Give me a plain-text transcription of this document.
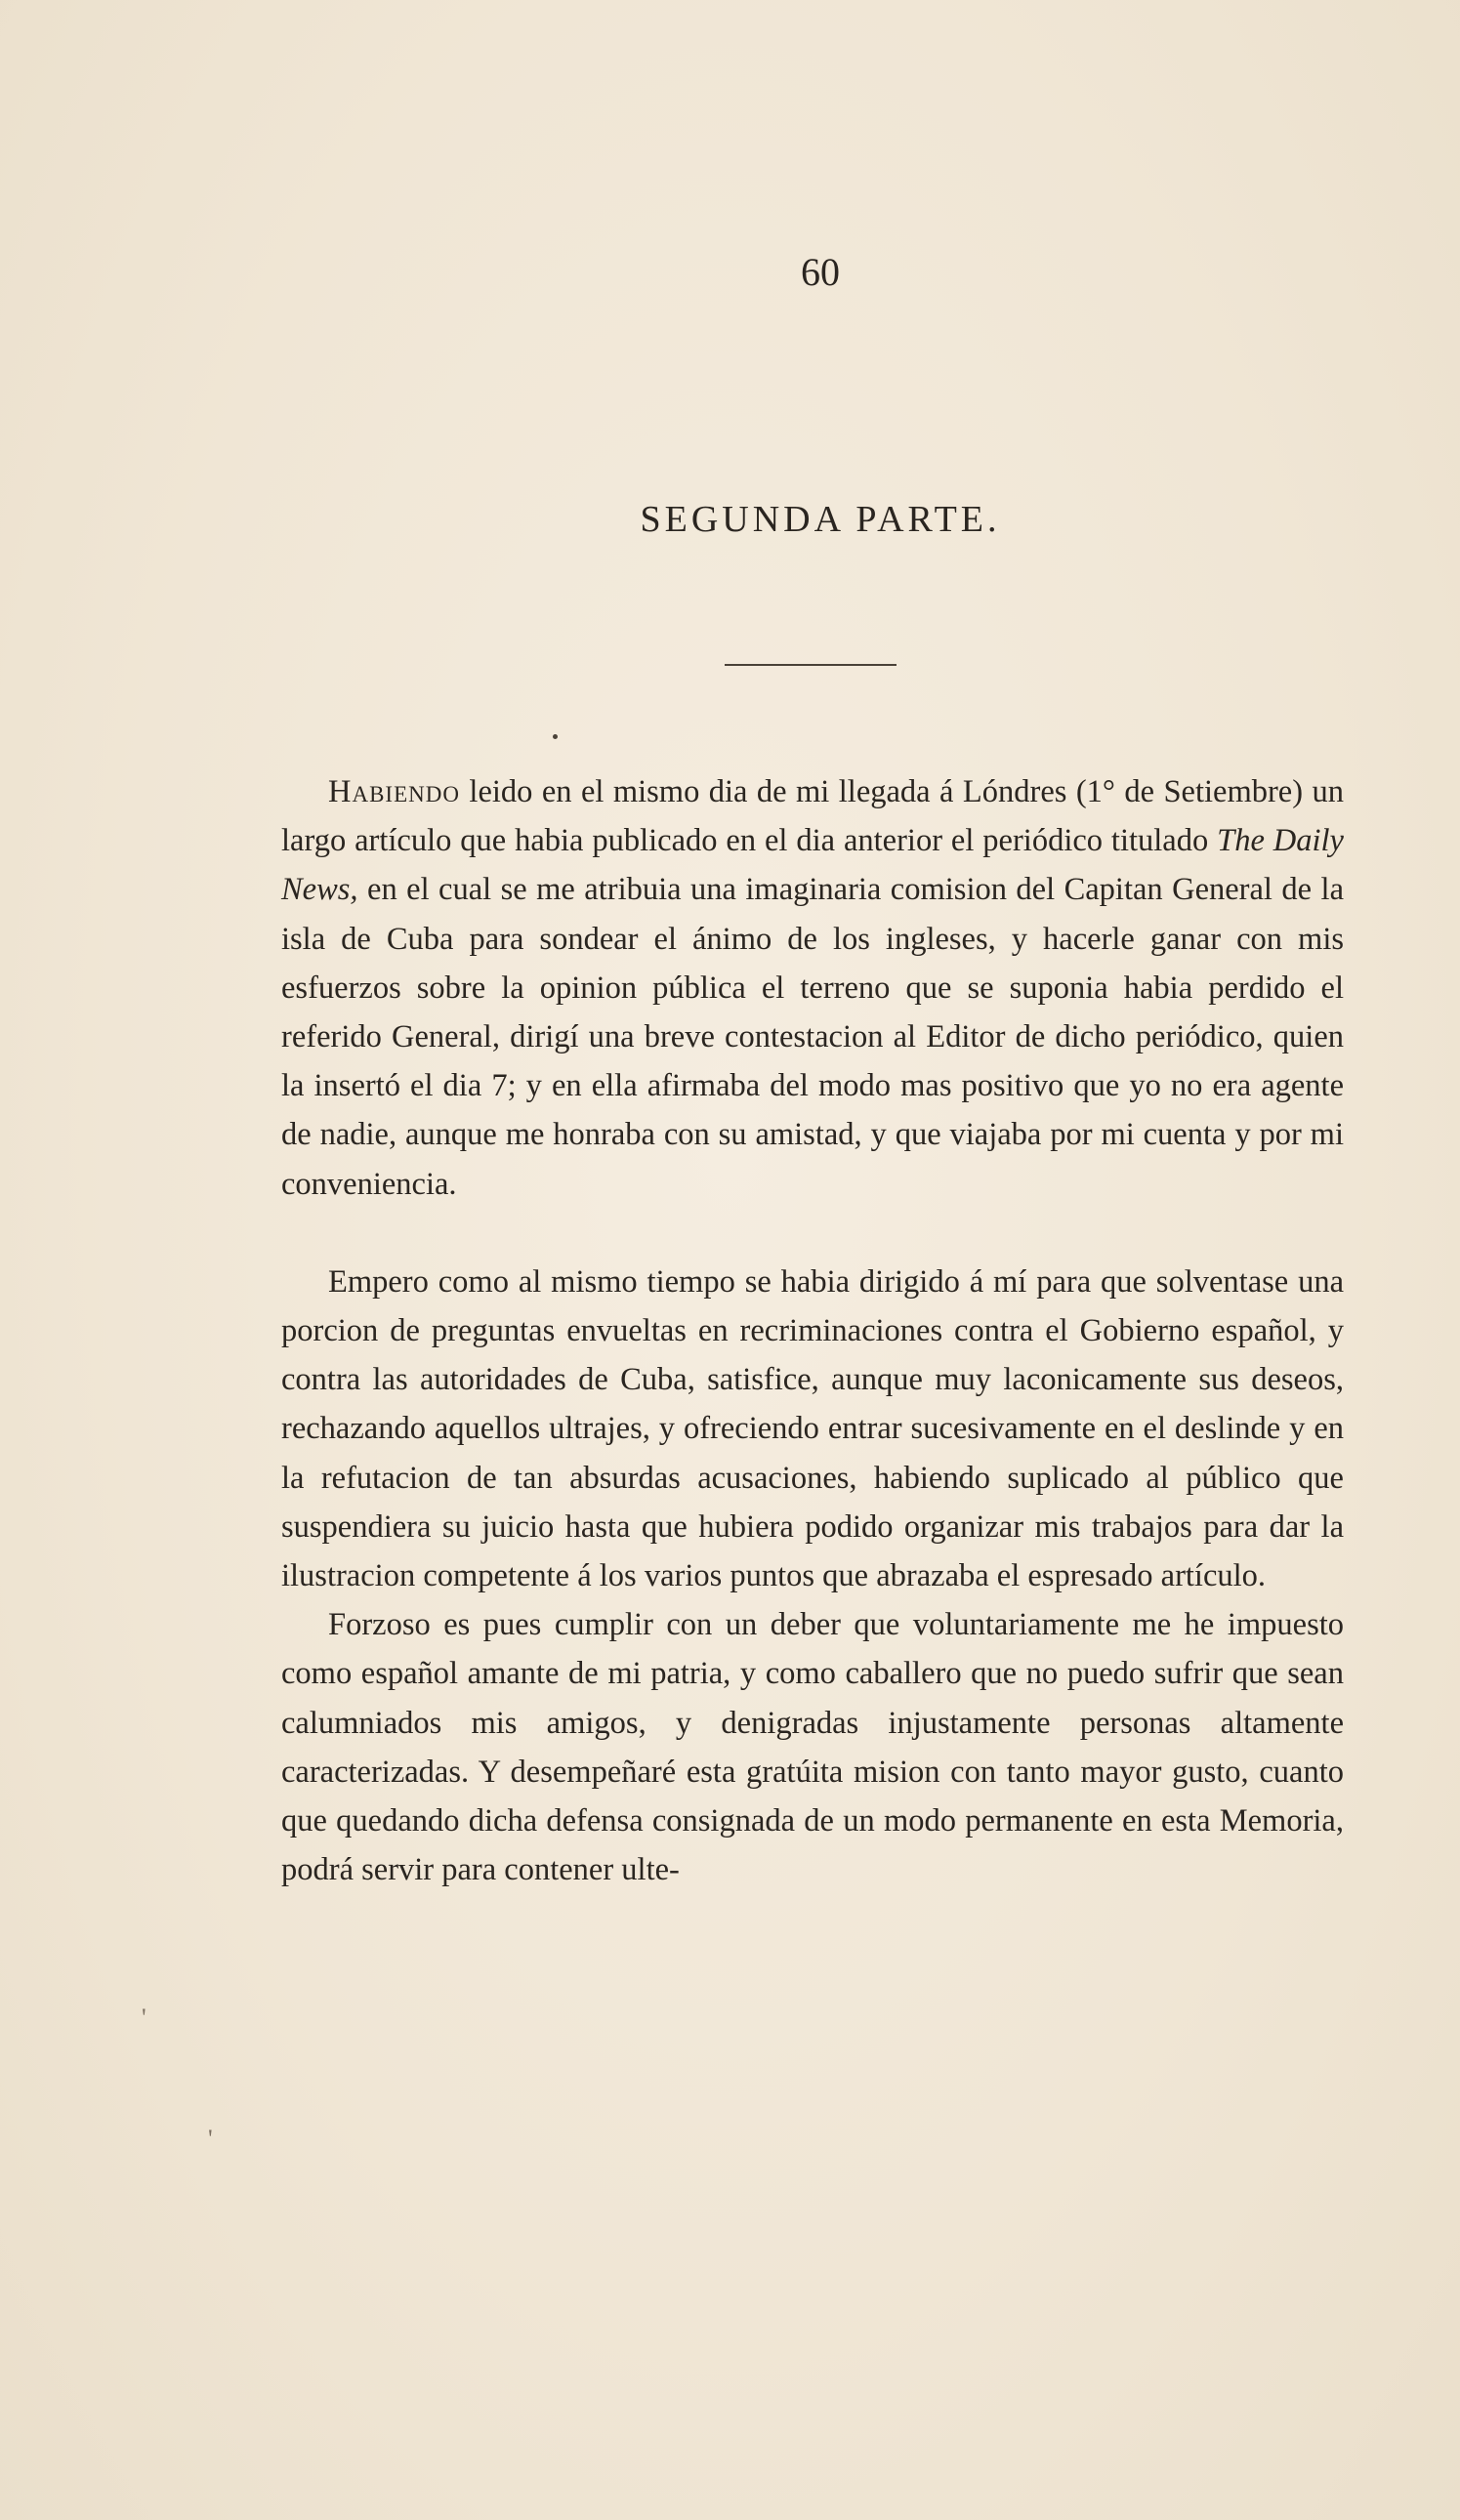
60
SEGUNDA PARTE.

Habiendo leido en el mismo dia de mi llegada á Lóndres (1° de Setiembre) un largo artículo que habia publicado en el dia anterior el periódico titulado The Daily News, en el cual se me atribuia una imaginaria comision del Capitan General de la isla de Cuba para sondear el ánimo de los ingleses, y hacerle ganar con mis esfuerzos sobre la opinion pública el terreno que se suponia habia perdido el referido General, dirigí una breve contestacion al Editor de dicho periódico, quien la insertó el dia 7; y en ella afirmaba del modo mas positivo que yo no era agente de nadie, aunque me honraba con su amistad, y que viajaba por mi cuenta y por mi conveniencia.

Empero como al mismo tiempo se habia dirigido á mí para que solventase una porcion de preguntas envueltas en recriminaciones contra el Gobierno español, y contra las autoridades de Cuba, satisfice, aunque muy laconicamente sus deseos, rechazando aquellos ultrajes, y ofreciendo entrar sucesivamente en el deslinde y en la refutacion de tan absurdas acusaciones, habiendo suplicado al público que suspendiera su juicio hasta que hubiera podido organizar mis trabajos para dar la ilustracion competente á los varios puntos que abrazaba el espresado artículo.

Forzoso es pues cumplir con un deber que voluntariamente me he impuesto como español amante de mi patria, y como caballero que no puedo sufrir que sean calumniados mis amigos, y denigradas injustamente personas altamente caracterizadas. Y desempeñaré esta gratúita mision con tanto mayor gusto, cuanto que quedando dicha defensa consignada de un modo permanente en esta Memoria, podrá servir para contener ulte-

'
'
